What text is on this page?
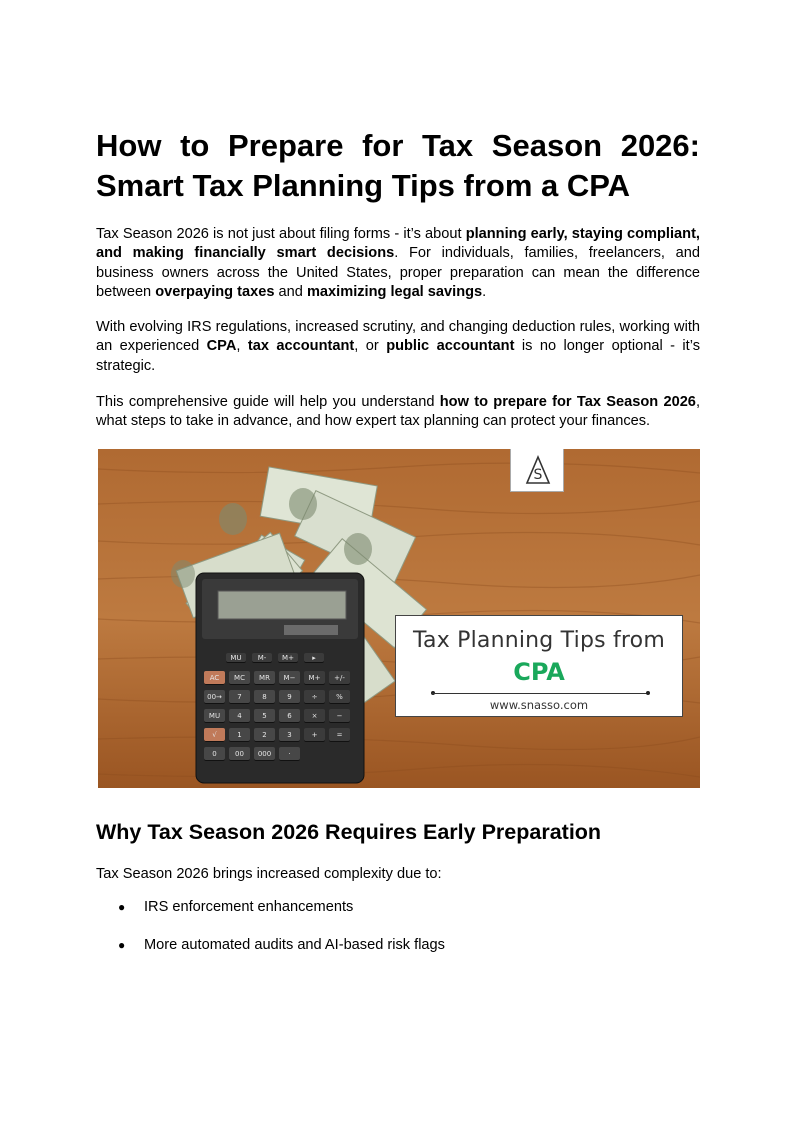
How to Prepare for Tax Season 2026:
Smart Tax Planning Tips from a CPA

Tax Season 2026 is not just about filing forms - it’s about planning early, staying compliant, and making financially smart decisions. For individuals, families, freelancers, and business owners across the United States, proper preparation can mean the difference between overpaying taxes and maximizing legal savings.

With evolving IRS regulations, increased scrutiny, and changing deduction rules, working with an experienced CPA, tax accountant, or public accountant is no longer optional - it’s strategic.

This comprehensive guide will help you understand how to prepare for Tax Season 2026, what steps to take in advance, and how expert tax planning can protect your finances.

MU	M-	M+	▸
AC	MC	MR	M−	M+	+/-
00→	7	8	9	÷	%
MU	4	5	6	×	−
√	1	2	3	+	=
0	00	000	·
S
Tax Planning Tips from
CPA
www.snasso.com
Why Tax Season 2026 Requires Early Preparation

Tax Season 2026 brings increased complexity due to:

● IRS enforcement enhancements
● More automated audits and AI-based risk flags
